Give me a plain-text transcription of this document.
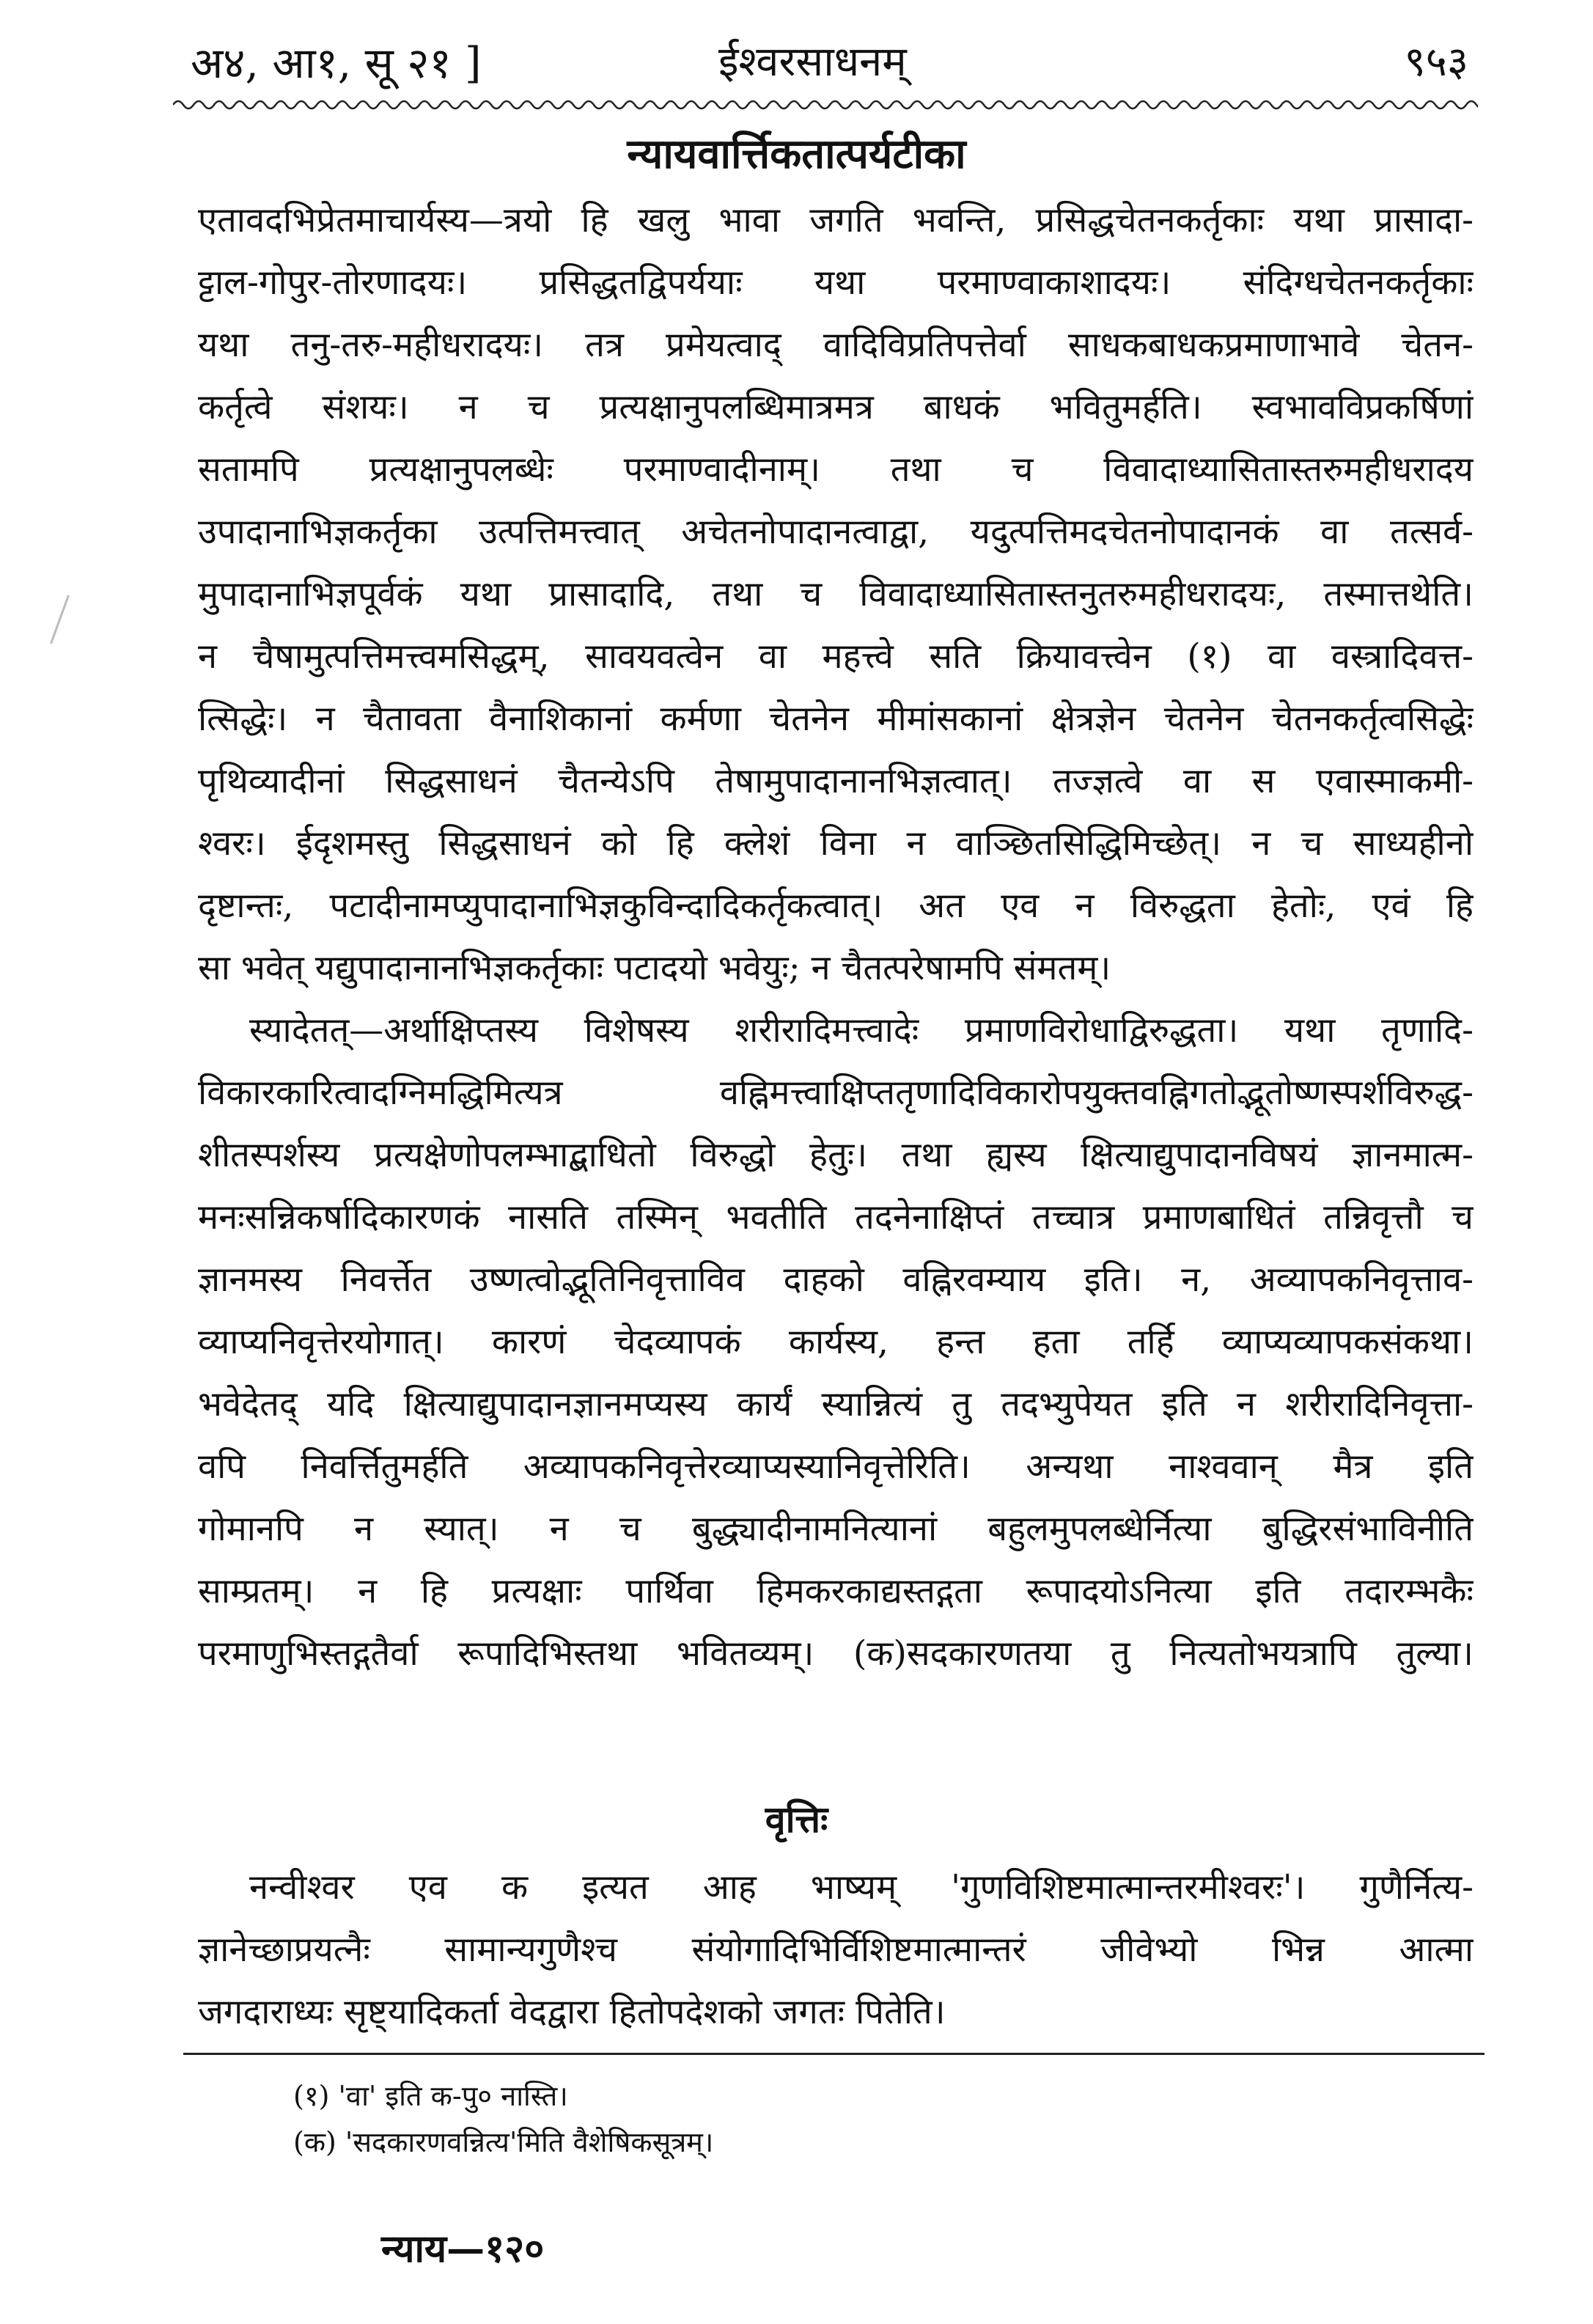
अ४, आ१, सू २१ ]	ईश्वरसाधनम्	९५३
न्यायवार्त्तिकतात्पर्यटीका
एतावदभिप्रेतमाचार्यस्य—त्रयो हि खलु भावा जगति भवन्ति, प्रसिद्धचेतनकर्तृकाः यथा प्रासादा-
ट्टाल-गोपुर-तोरणादयः। प्रसिद्धतद्विपर्ययाः यथा परमाण्वाकाशादयः। संदिग्धचेतनकर्तृकाः
यथा तनु-तरु-महीधरादयः। तत्र प्रमेयत्वाद् वादिविप्रतिपत्तेर्वा साधकबाधकप्रमाणाभावे चेतन-
कर्तृत्वे संशयः। न च प्रत्यक्षानुपलब्धिमात्रमत्र बाधकं भवितुमर्हति। स्वभावविप्रकर्षिणां
सतामपि प्रत्यक्षानुपलब्धेः परमाण्वादीनाम्। तथा च विवादाध्यासितास्तरुमहीधरादय
उपादानाभिज्ञकर्तृका उत्पत्तिमत्त्वात् अचेतनोपादानत्वाद्वा, यदुत्पत्तिमदचेतनोपादानकं वा तत्सर्व-
मुपादानाभिज्ञपूर्वकं यथा प्रासादादि, तथा च विवादाध्यासितास्तनुतरुमहीधरादयः, तस्मात्तथेति।
न चैषामुत्पत्तिमत्त्वमसिद्धम्, सावयवत्वेन वा महत्त्वे सति क्रियावत्त्वेन (१) वा वस्त्रादिवत्त-
त्सिद्धेः। न चैतावता वैनाशिकानां कर्मणा चेतनेन मीमांसकानां क्षेत्रज्ञेन चेतनेन चेतनकर्तृत्वसिद्धेः
पृथिव्यादीनां सिद्धसाधनं चैतन्येऽपि तेषामुपादानानभिज्ञत्वात्। तज्ज्ञत्वे वा स एवास्माकमी-
श्वरः। ईदृशमस्तु सिद्धसाधनं को हि क्लेशं विना न वाञ्छितसिद्धिमिच्छेत्। न च साध्यहीनो
दृष्टान्तः, पटादीनामप्युपादानाभिज्ञकुविन्दादिकर्तृकत्वात्। अत एव न विरुद्धता हेतोः, एवं हि
सा भवेत् यद्युपादानानभिज्ञकर्तृकाः पटादयो भवेयुः; न चैतत्परेषामपि संमतम्।
स्यादेतत्—अर्थाक्षिप्तस्य विशेषस्य शरीरादिमत्त्वादेः प्रमाणविरोधाद्विरुद्धता। यथा तृणादि-
विकारकारित्वादग्निमद्धिमित्यत्र वह्निमत्त्वाक्षिप्ततृणादिविकारोपयुक्तवह्निगतोद्भूतोष्णस्पर्शविरुद्ध-
शीतस्पर्शस्य प्रत्यक्षेणोपलम्भाद्बाधितो विरुद्धो हेतुः। तथा ह्यस्य क्षित्याद्युपादानविषयं ज्ञानमात्म-
मनःसन्निकर्षादिकारणकं नासति तस्मिन् भवतीति तदनेनाक्षिप्तं तच्चात्र प्रमाणबाधितं तन्निवृत्तौ च
ज्ञानमस्य निवर्त्तेत उष्णत्वोद्भूतिनिवृत्ताविव दाहको वह्निरवम्याय इति। न, अव्यापकनिवृत्ताव-
व्याप्यनिवृत्तेरयोगात्। कारणं चेदव्यापकं कार्यस्य, हन्त हता तर्हि व्याप्यव्यापकसंकथा।
भवेदेतद् यदि क्षित्याद्युपादानज्ञानमप्यस्य कार्यं स्यान्नित्यं तु तदभ्युपेयत इति न शरीरादिनिवृत्ता-
वपि निवर्त्तितुमर्हति अव्यापकनिवृत्तेरव्याप्यस्यानिवृत्तेरिति। अन्यथा नाश्ववान् मैत्र इति
गोमानपि न स्यात्। न च बुद्ध्यादीनामनित्यानां बहुलमुपलब्धेर्नित्या बुद्धिरसंभाविनीति
साम्प्रतम्। न हि प्रत्यक्षाः पार्थिवा हिमकरकाद्यस्तद्गता रूपादयोऽनित्या इति तदारम्भकैः
परमाणुभिस्तद्गतैर्वा रूपादिभिस्तथा भवितव्यम्। (क)सदकारणतया तु नित्यतोभयत्रापि तुल्या।
वृत्तिः
नन्वीश्वर एव क इत्यत आह भाष्यम् 'गुणविशिष्टमात्मान्तरमीश्वरः'। गुणैर्नित्य-
ज्ञानेच्छाप्रयत्नैः सामान्यगुणैश्च संयोगादिभिर्विशिष्टमात्मान्तरं जीवेभ्यो भिन्न आत्मा
जगदाराध्यः सृष्ट्यादिकर्ता वेदद्वारा हितोपदेशको जगतः पितेति।
(१) 'वा' इति क-पु० नास्ति।
(क) 'सदकारणवन्नित्य'मिति वैशेषिकसूत्रम्।
न्याय—१२०
